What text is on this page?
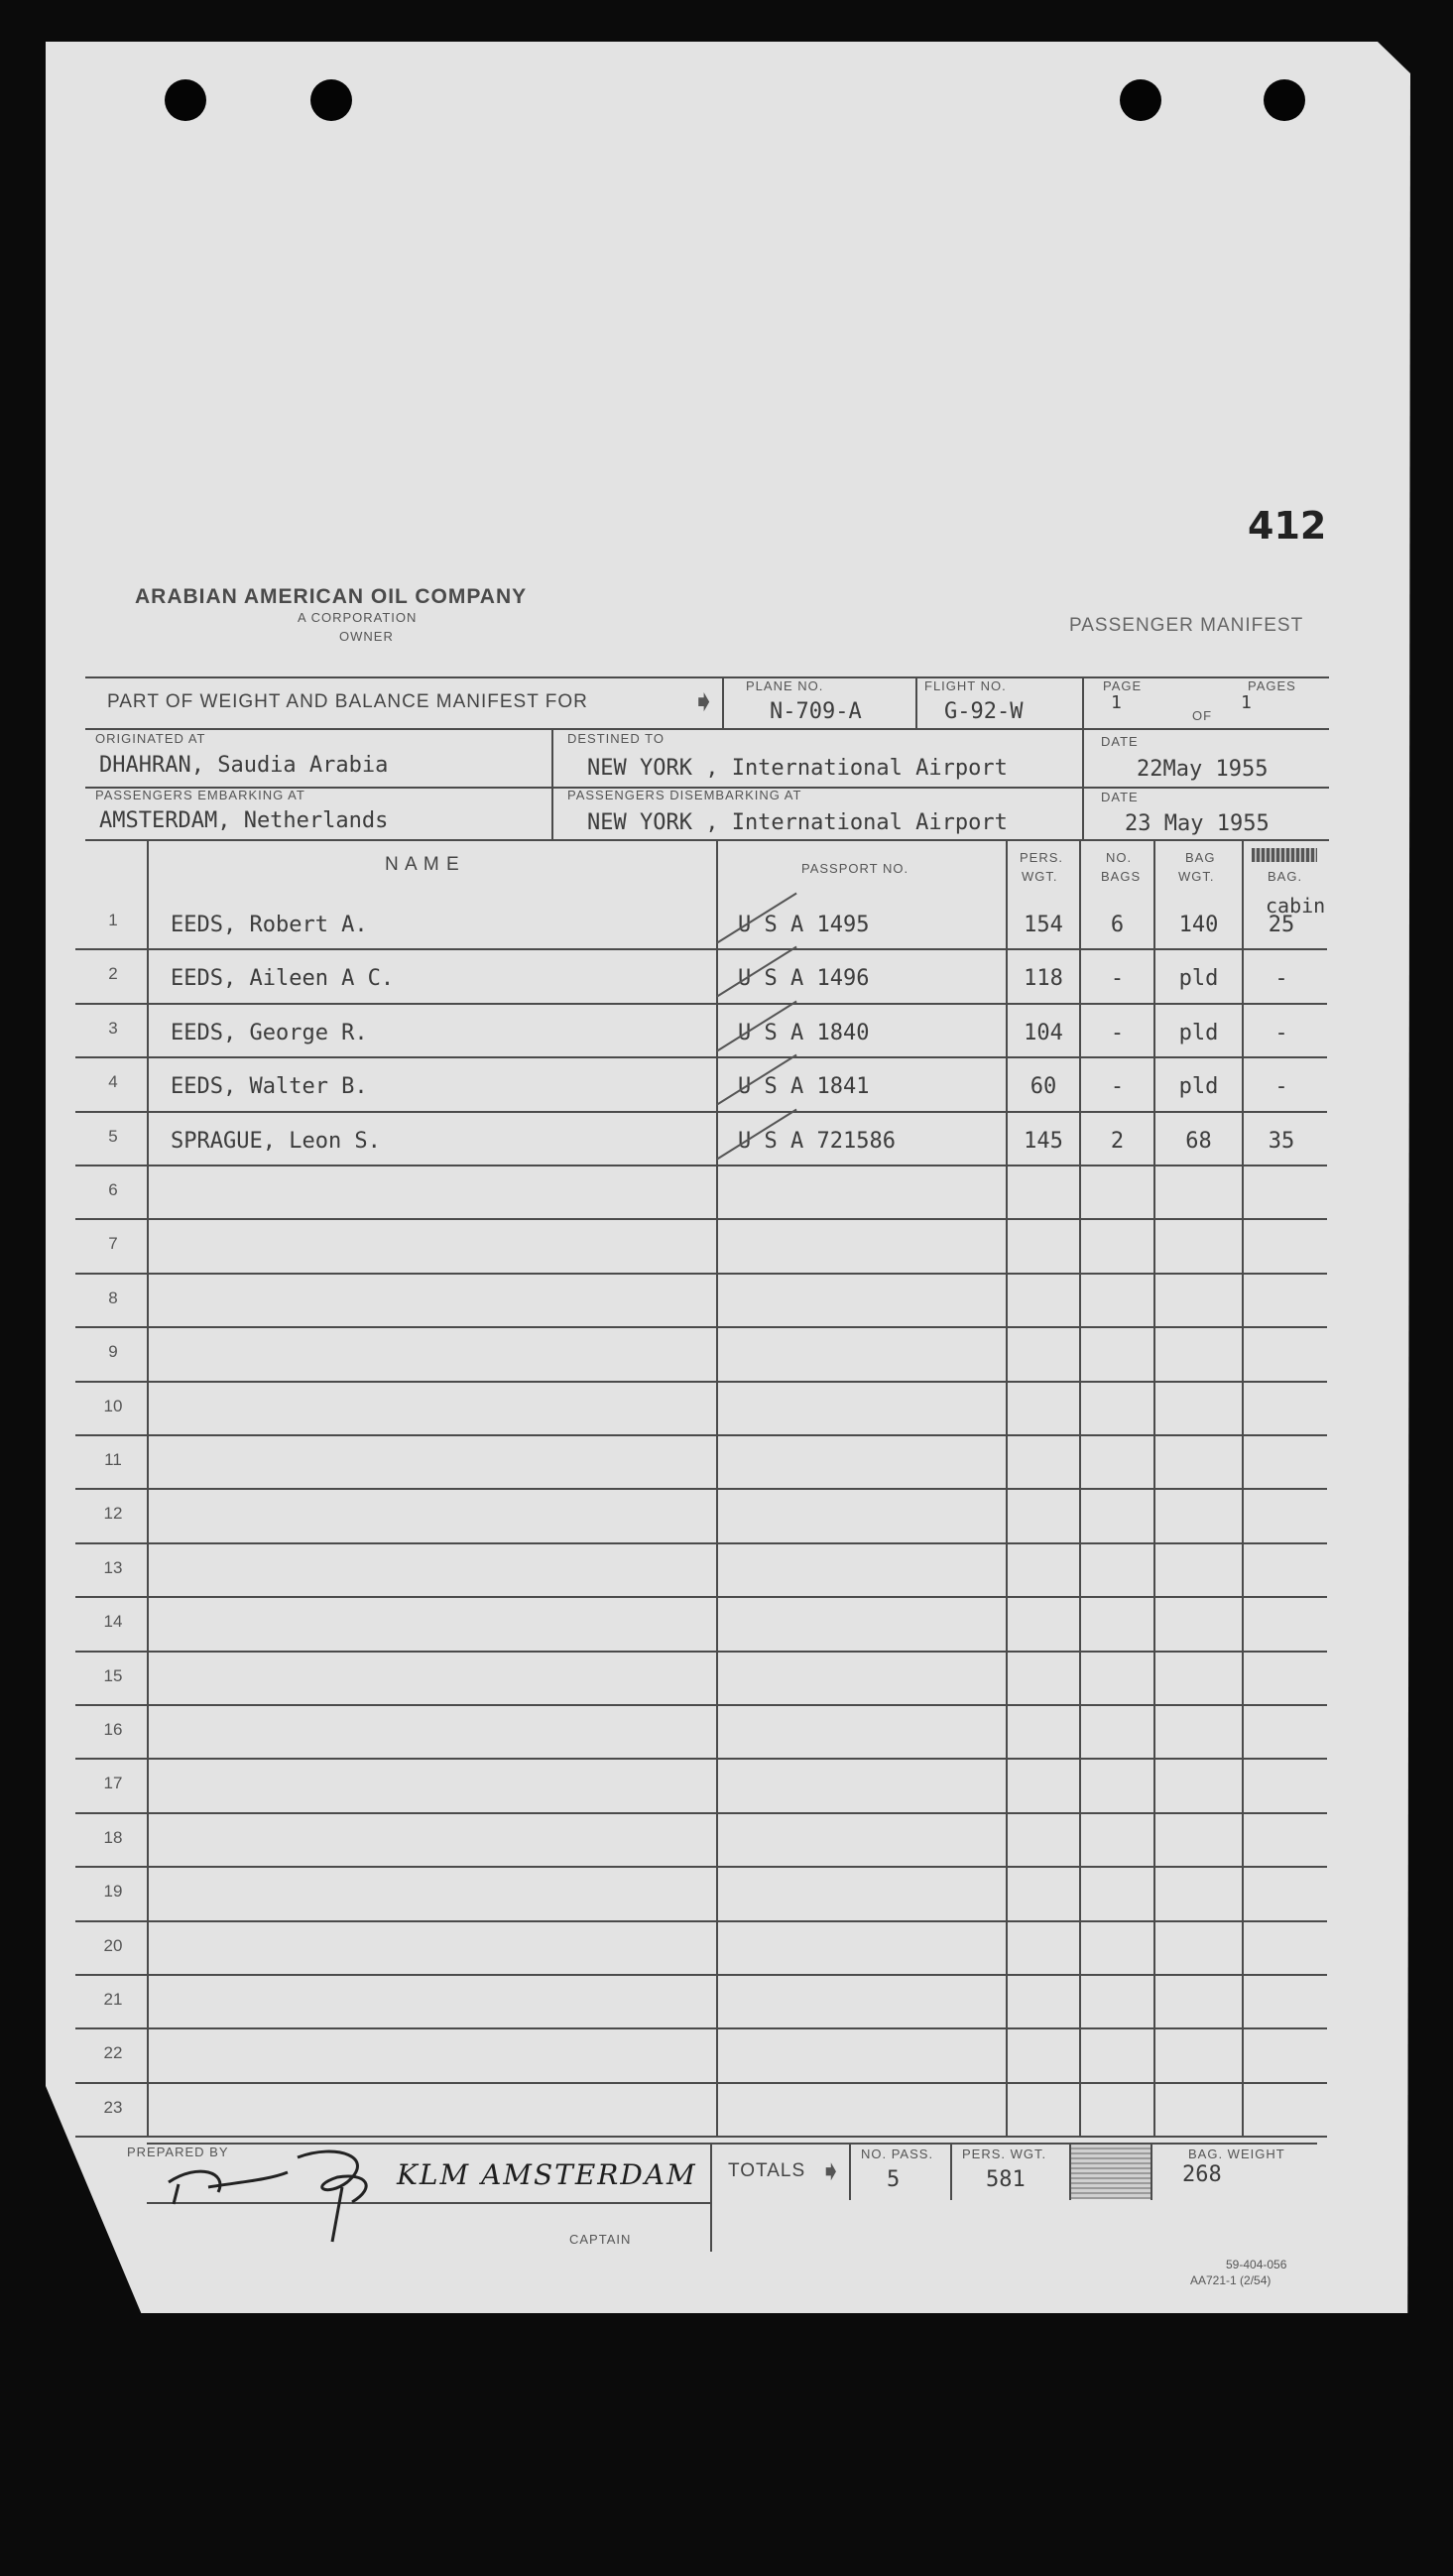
412
ARABIAN AMERICAN OIL COMPANY
A CORPORATION
OWNER
PASSENGER MANIFEST
PART OF WEIGHT AND BALANCE MANIFEST FOR	➧ PLANE NO.
N-709-A
FLIGHT NO.
G-92-W
PAGE
1
OF
PAGES
1
ORIGINATED AT
DHAHRAN, Saudia Arabia
DESTINED TO
NEW YORK , International Airport
DATE
22May 1955
PASSENGERS EMBARKING AT
AMSTERDAM, Netherlands
PASSENGERS DISEMBARKING AT
NEW YORK , International Airport
DATE
23 May 1955
N A M E	PASSPORT NO.
PERS.
WGT.
NO.
BAGS
BAG
WGT.
cabin
BAG.
1	EEDS, Robert A.	U S A 1495	154	6	140	25
2	EEDS, Aileen A C.	U S A 1496	118	-	pld	-
3	EEDS, George R.	U S A 1840	104	-	pld	-
4	EEDS, Walter B.	U S A 1841	60	-	pld	-
5	SPRAGUE, Leon S.	U S A 721586	145	2	68	35
6
7
8
9
10
11
12
13
14
15
16
17
18
19
20
21
22
23
PREPARED BY
KLM AMSTERDAM
CAPTAIN
TOTALS ➧
NO. PASS.
5
PERS. WGT.
581
BAG. WEIGHT
268
59-404-056
AA721-1 (2/54)
